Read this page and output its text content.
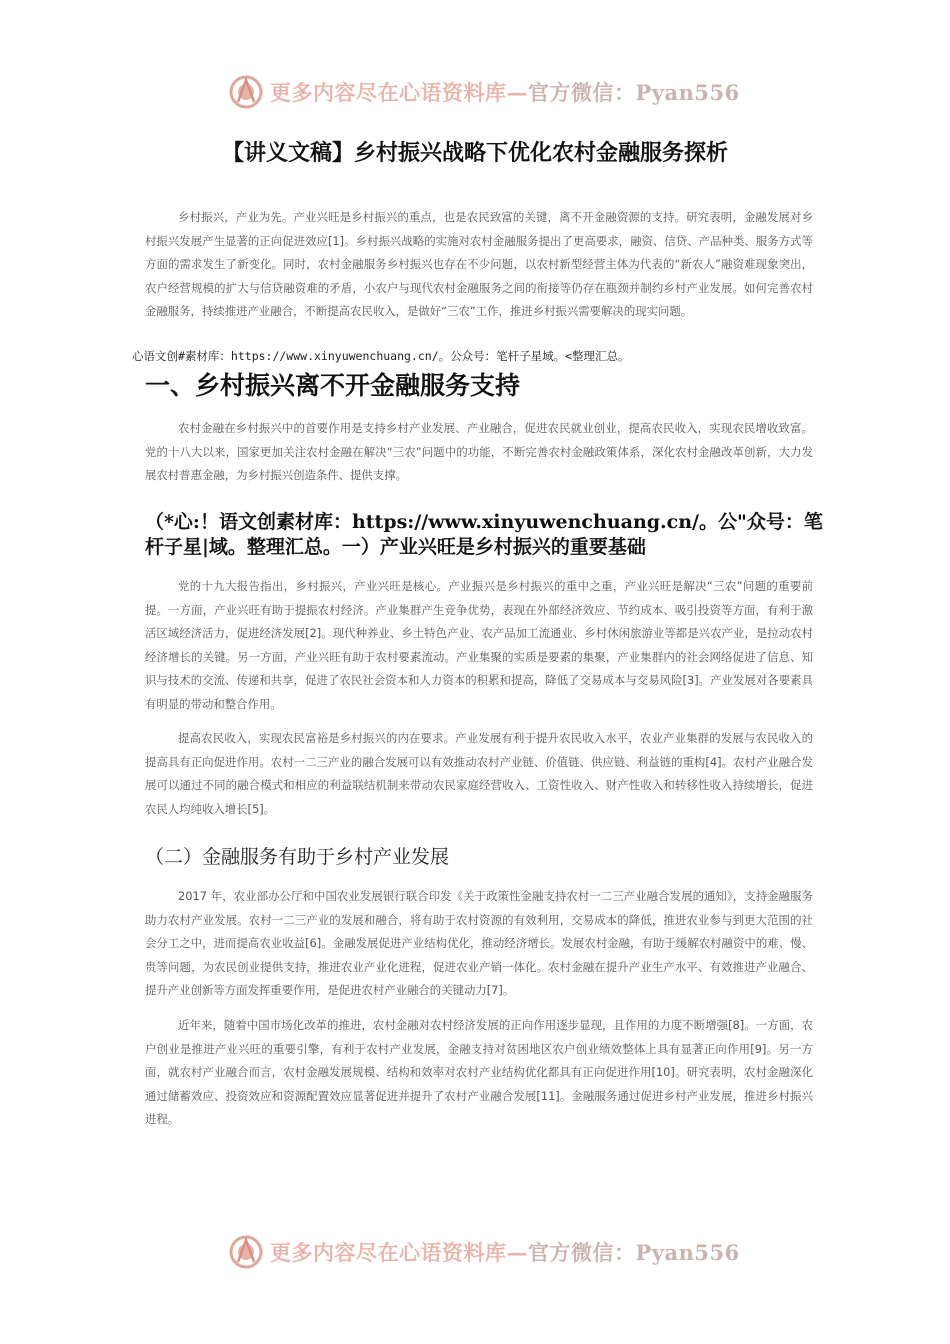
更多内容尽在心语资料库—官方微信：Pyan556
【讲义文稿】乡村振兴战略下优化农村金融服务探析

乡村振兴，产业为先。产业兴旺是乡村振兴的重点，也是农民致富的关键，离不开金融资源的支持。研究表明，金融发展对乡村振兴发展产生显著的正向促进效应[1]。乡村振兴战略的实施对农村金融服务提出了更高要求，融资、信贷、产品种类、服务方式等方面的需求发生了新变化。同时，农村金融服务乡村振兴也存在不少问题，以农村新型经营主体为代表的“新农人”融资难现象突出，农户经营规模的扩大与信贷融资难的矛盾，小农户与现代农村金融服务之间的衔接等仍存在瓶颈并制约乡村产业发展。如何完善农村金融服务，持续推进产业融合，不断提高农民收入，是做好“三农”工作，推进乡村振兴需要解决的现实问题。

心语文创#素材库：https://www.xinyuwenchuang.cn/。公众号：笔杆子星域。<整理汇总。
一、乡村振兴离不开金融服务支持

农村金融在乡村振兴中的首要作用是支持乡村产业发展、产业融合，促进农民就业创业，提高农民收入，实现农民增收致富。党的十八大以来，国家更加关注农村金融在解决“三农”问题中的功能，不断完善农村金融政策体系，深化农村金融改革创新，大力发展农村普惠金融，为乡村振兴创造条件、提供支撑。

（*心:！语文创素材库：https://www.xinyuwenchuang.cn/。公"众号：笔杆子星|域。整理汇总。一）产业兴旺是乡村振兴的重要基础

党的十九大报告指出，乡村振兴，产业兴旺是核心。产业振兴是乡村振兴的重中之重，产业兴旺是解决“三农”问题的重要前提。一方面，产业兴旺有助于提振农村经济。产业集群产生竞争优势，表现在外部经济效应、节约成本、吸引投资等方面，有利于激活区域经济活力，促进经济发展[2]。现代种养业、乡土特色产业、农产品加工流通业、乡村休闲旅游业等都是兴农产业，是拉动农村经济增长的关键。另一方面，产业兴旺有助于农村要素流动。产业集聚的实质是要素的集聚，产业集群内的社会网络促进了信息、知识与技术的交流、传递和共享，促进了农民社会资本和人力资本的积累和提高，降低了交易成本与交易风险[3]。产业发展对各要素具有明显的带动和整合作用。

提高农民收入，实现农民富裕是乡村振兴的内在要求。产业发展有利于提升农民收入水平，农业产业集群的发展与农民收入的提高具有正向促进作用。农村一二三产业的融合发展可以有效推动农村产业链、价值链、供应链、利益链的重构[4]。农村产业融合发展可以通过不同的融合模式和相应的利益联结机制来带动农民家庭经营收入、工资性收入、财产性收入和转移性收入持续增长，促进农民人均纯收入增长[5]。

（二）金融服务有助于乡村产业发展

2017 年，农业部办公厅和中国农业发展银行联合印发《关于政策性金融支持农村一二三产业融合发展的通知》，支持金融服务助力农村产业发展。农村一二三产业的发展和融合，将有助于农村资源的有效利用，交易成本的降低，推进农业参与到更大范围的社会分工之中，进而提高农业收益[6]。金融发展促进产业结构优化，推动经济增长。发展农村金融，有助于缓解农村融资中的难、慢、贵等问题，为农民创业提供支持，推进农业产业化进程，促进农业产销一体化。农村金融在提升产业生产水平、有效推进产业融合、提升产业创新等方面发挥重要作用，是促进农村产业融合的关键动力[7]。

近年来，随着中国市场化改革的推进，农村金融对农村经济发展的正向作用逐步显现，且作用的力度不断增强[8]。一方面，农户创业是推进产业兴旺的重要引擎，有利于农村产业发展，金融支持对贫困地区农户创业绩效整体上具有显著正向作用[9]。另一方面，就农村产业融合而言，农村金融发展规模、结构和效率对农村产业结构优化都具有正向促进作用[10]。研究表明，农村金融深化通过储蓄效应、投资效应和资源配置效应显著促进并提升了农村产业融合发展[11]。金融服务通过促进乡村产业发展，推进乡村振兴进程。

更多内容尽在心语资料库—官方微信：Pyan556
